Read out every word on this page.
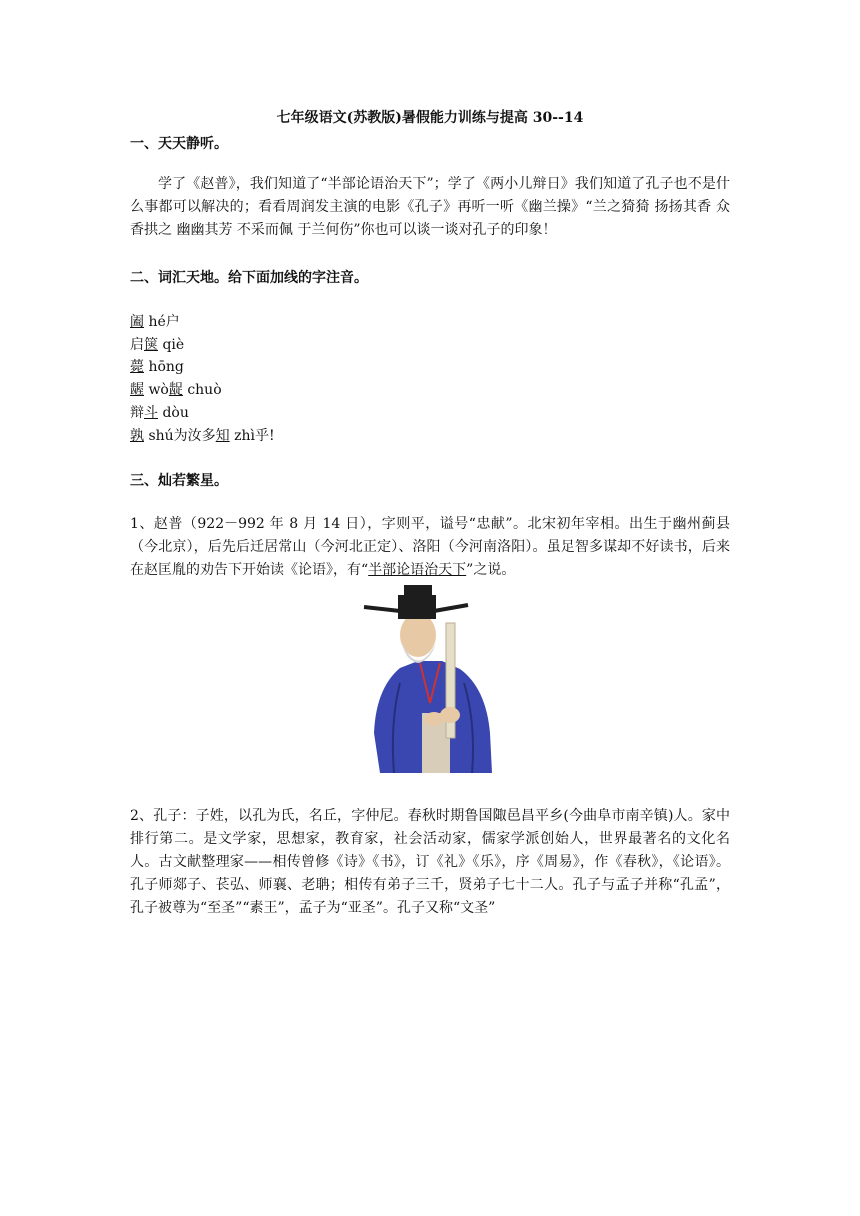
七年级语文(苏教版)暑假能力训练与提高 30--14
一、天天静听。
学了《赵普》，我们知道了“半部论语治天下”；学了《两小儿辩日》我们知道了孔子也不是什么事都可以解决的；看看周润发主演的电影《孔子》再听一听《幽兰操》“兰之猗猗 扬扬其香 众香拱之 幽幽其芳 不采而佩 于兰何伤”你也可以谈一谈对孔子的印象！
二、词汇天地。给下面加线的字注音。
阖 hé户
启箧 qiè
薨 hōng
龌 wò龊 chuò
辩斗 dòu
孰 shú为汝多知 zhì乎!
三、灿若繁星。
1、赵普（922－992 年 8 月 14 日），字则平，谥号“忠献”。北宋初年宰相。出生于幽州蓟县（今北京），后先后迁居常山（今河北正定）、洛阳（今河南洛阳）。虽足智多谋却不好读书，后来在赵匡胤的劝告下开始读《论语》，有“半部论语治天下”之说。
2、孔子：子姓，以孔为氏，名丘，字仲尼。春秋时期鲁国陬邑昌平乡(今曲阜市南辛镇)人。家中排行第二。是文学家，思想家，教育家，社会活动家，儒家学派创始人，世界最著名的文化名人。古文献整理家——相传曾修《诗》《书》，订《礼》《乐》，序《周易》，作《春秋》，《论语》。孔子师郯子、苌弘、师襄、老聃；相传有弟子三千，贤弟子七十二人。孔子与孟子并称“孔孟”，孔子被尊为“至圣”“素王”，孟子为“亚圣”。孔子又称“文圣”
